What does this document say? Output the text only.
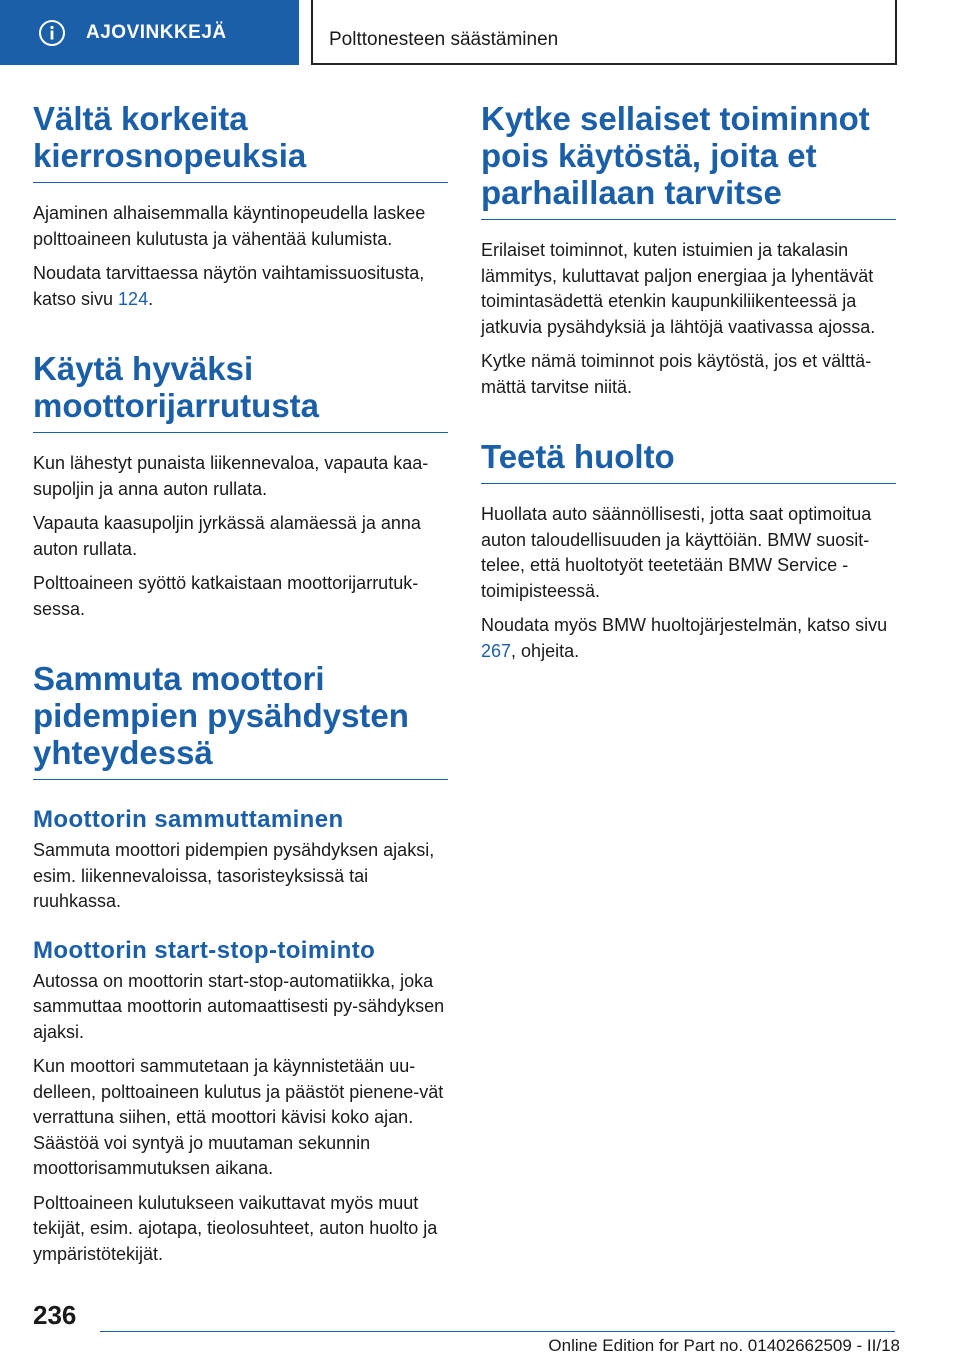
AJOVINKKEJÄ	Polttonesteen säästäminen
Vältä korkeita kierrosnopeuksia

Ajaminen alhaisemmalla käyntinopeudella laskee polttoaineen kulutusta ja vähentää kulumista.

Noudata tarvittaessa näytön vaihtamissuositusta, katso sivu 124.

Käytä hyväksi moottorijarrutusta

Kun lähestyt punaista liikennevaloa, vapauta kaa-supoljin ja anna auton rullata.

Vapauta kaasupoljin jyrkässä alamäessä ja anna auton rullata.

Polttoaineen syöttö katkaistaan moottorijarrutuk-sessa.

Sammuta moottori pidempien pysähdysten yhteydessä
Moottorin sammuttaminen

Sammuta moottori pidempien pysähdyksen ajaksi, esim. liikennevaloissa, tasoristeyksissä tai ruuhkassa.

Moottorin start-stop-toiminto

Autossa on moottorin start-stop-automatiikka, joka sammuttaa moottorin automaattisesti py-sähdyksen ajaksi.

Kun moottori sammutetaan ja käynnistetään uu-delleen, polttoaineen kulutus ja päästöt pienene-vät verrattuna siihen, että moottori kävisi koko ajan. Säästöä voi syntyä jo muutaman sekunnin moottorisammutuksen aikana.

Polttoaineen kulutukseen vaikuttavat myös muut tekijät, esim. ajotapa, tieolosuhteet, auton huolto ja ympäristötekijät.

Kytke sellaiset toiminnot pois käytöstä, joita et parhaillaan tarvitse

Erilaiset toiminnot, kuten istuimien ja takalasin lämmitys, kuluttavat paljon energiaa ja lyhentävät toimintasädettä etenkin kaupunkiliikenteessä ja jatkuvia pysähdyksiä ja lähtöjä vaativassa ajossa.

Kytke nämä toiminnot pois käytöstä, jos et välttä-mättä tarvitse niitä.

Teetä huolto

Huollata auto säännöllisesti, jotta saat optimoitua auton taloudellisuuden ja käyttöiän. BMW suosit-telee, että huoltotyöt teetetään BMW Service -toimipisteessä.

Noudata myös BMW huoltojärjestelmän, katso sivu 267, ohjeita.

236
Online Edition for Part no. 01402662509 - II/18
